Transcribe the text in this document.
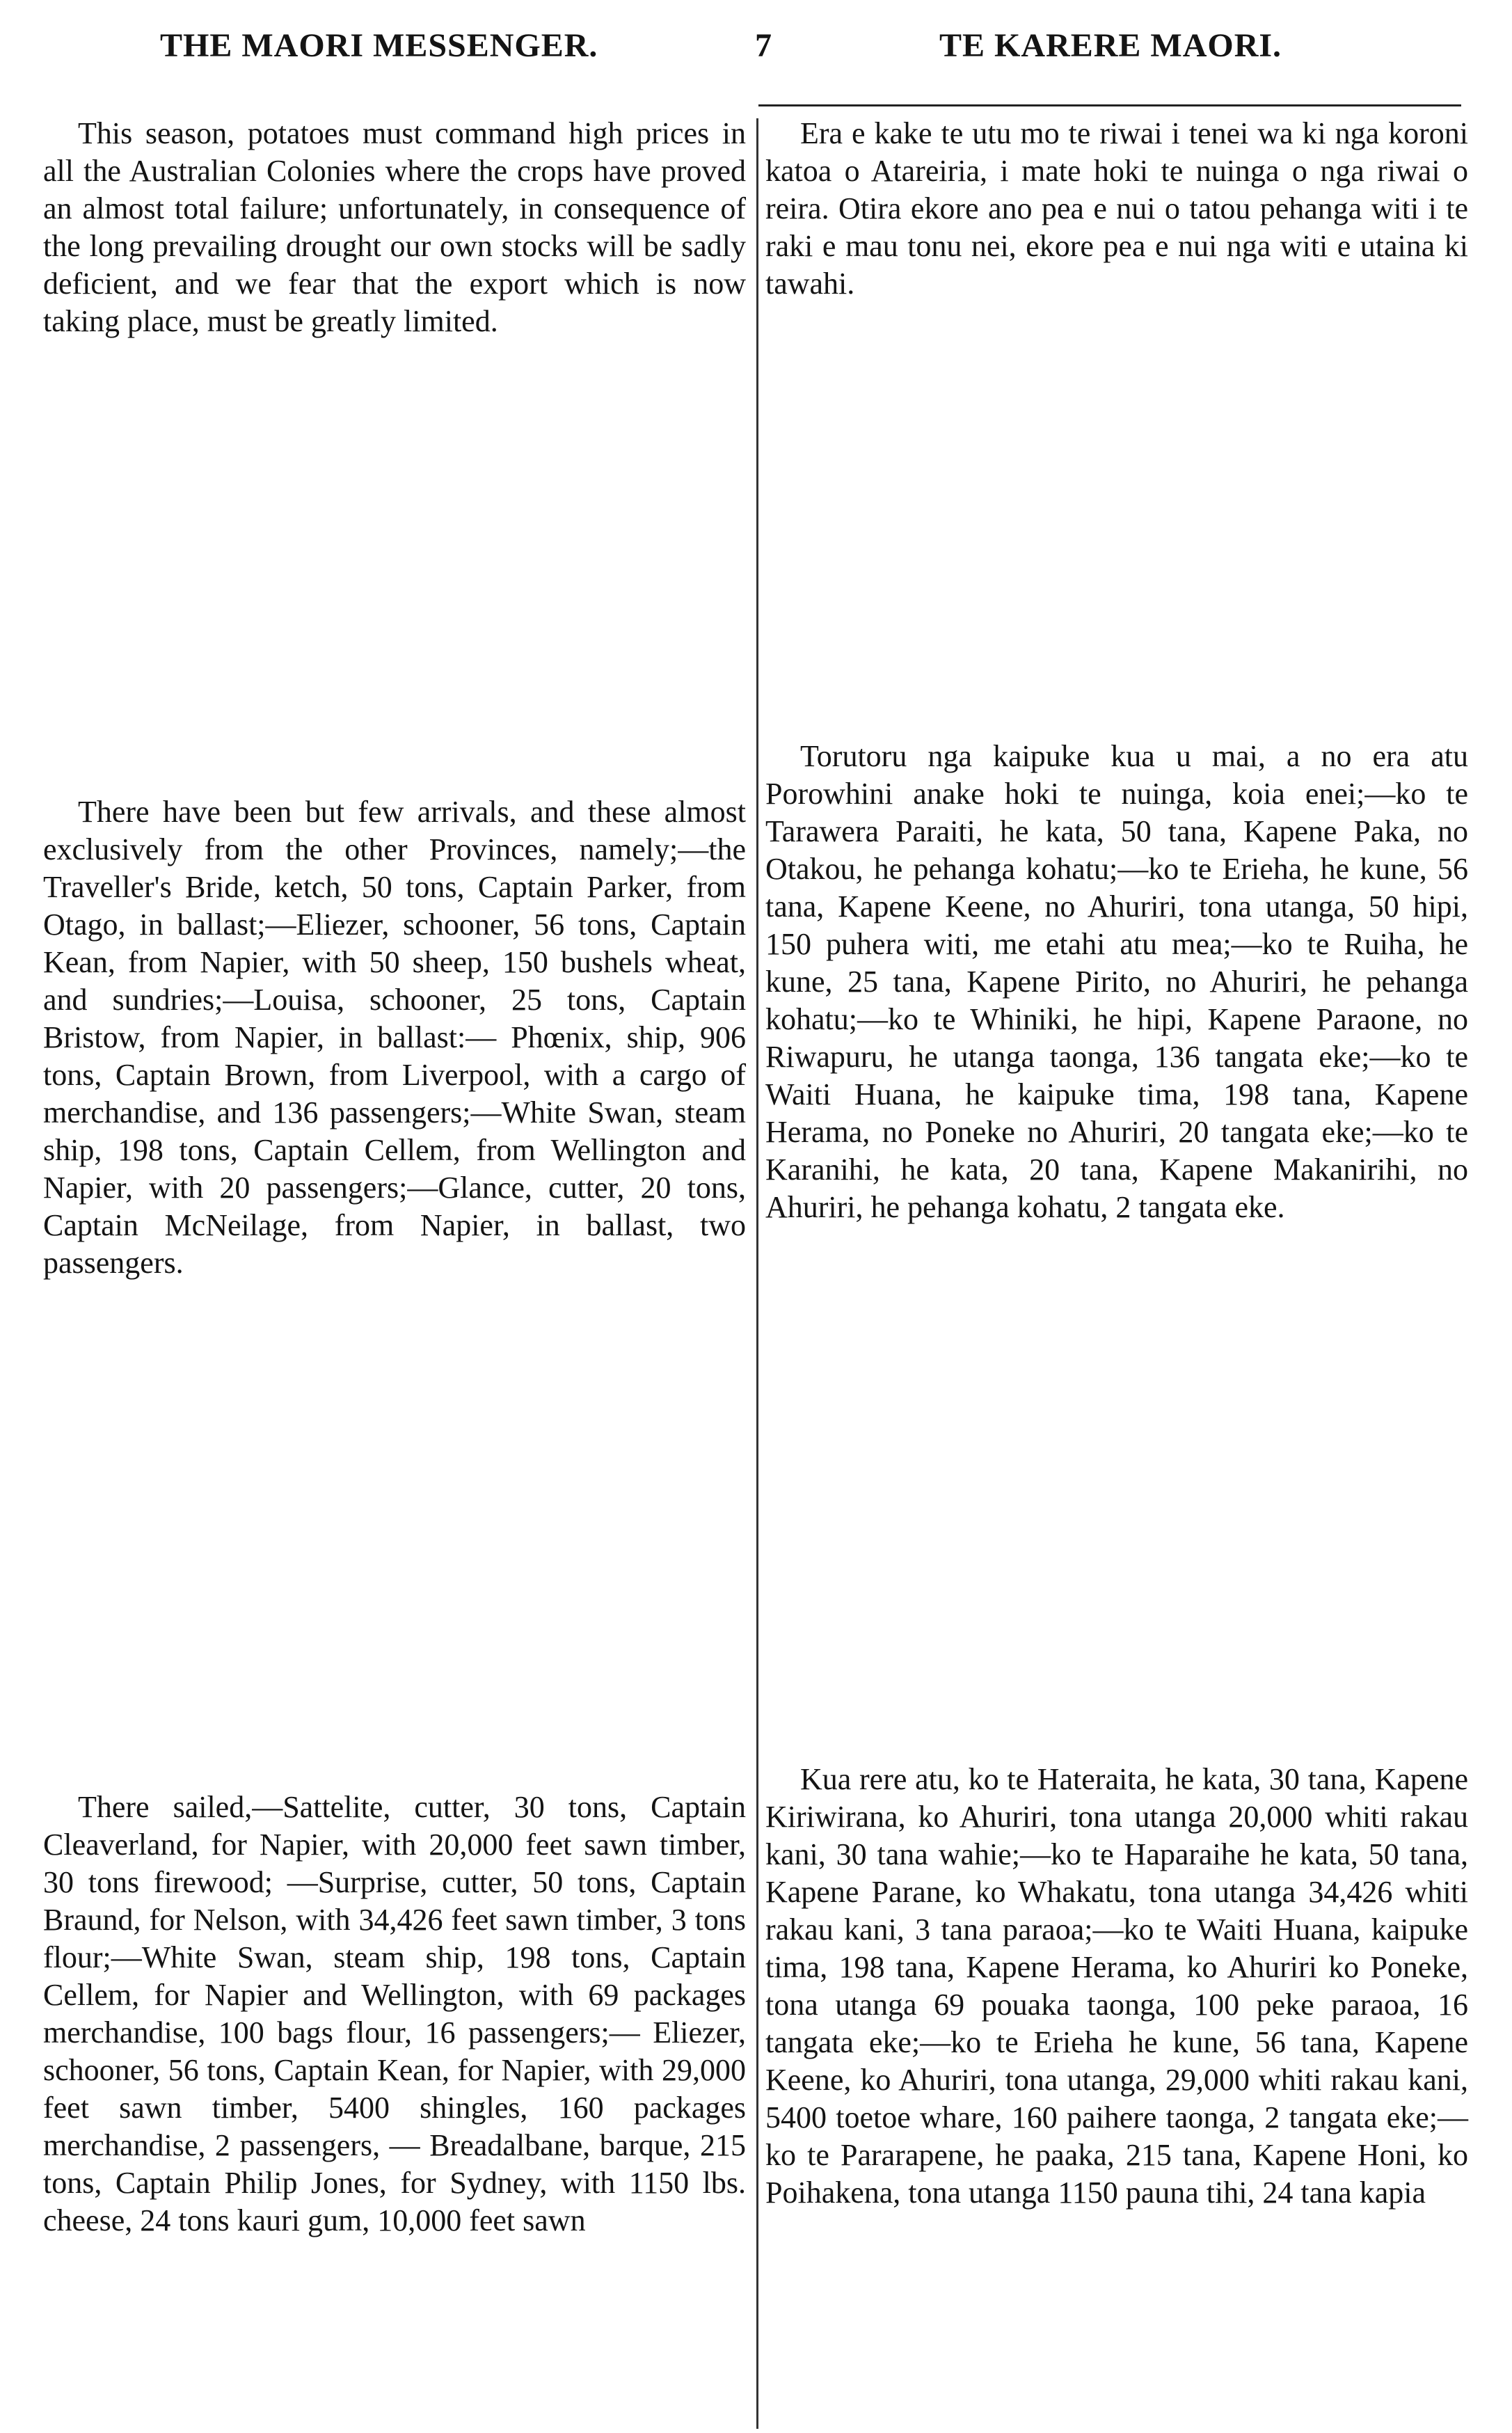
THE MAORI MESSENGER.	7	TE KARERE MAORI.

This season, potatoes must command high prices in all the Australian Colonies where the crops have proved an almost total failure; unfortunately, in consequence of the long prevailing drought our own stocks will be sadly deficient, and we fear that the export which is now taking place, must be greatly limited.

There have been but few arrivals, and these almost exclusively from the other Provinces, namely;—the Traveller's Bride, ketch, 50 tons, Captain Parker, from Otago, in ballast;—Eliezer, schooner, 56 tons, Captain Kean, from Napier, with 50 sheep, 150 bushels wheat, and sundries;—Louisa, schooner, 25 tons, Captain Bristow, from Napier, in ballast:— Phœnix, ship, 906 tons, Captain Brown, from Liverpool, with a cargo of merchandise, and 136 passengers;—White Swan, steam ship, 198 tons, Captain Cellem, from Wellington and Napier, with 20 passengers;—Glance, cutter, 20 tons, Captain McNeilage, from Napier, in ballast, two passengers.

There sailed,—Sattelite, cutter, 30 tons, Captain Cleaverland, for Napier, with 20,000 feet sawn timber, 30 tons firewood; —Surprise, cutter, 50 tons, Captain Braund, for Nelson, with 34,426 feet sawn timber, 3 tons flour;—White Swan, steam ship, 198 tons, Captain Cellem, for Napier and Wellington, with 69 packages merchandise, 100 bags flour, 16 passengers;— Eliezer, schooner, 56 tons, Captain Kean, for Napier, with 29,000 feet sawn timber, 5400 shingles, 160 packages merchandise, 2 passengers, — Breadalbane, barque, 215 tons, Captain Philip Jones, for Sydney, with 1150 lbs. cheese, 24 tons kauri gum, 10,000 feet sawn

Era e kake te utu mo te riwai i tenei wa ki nga koroni katoa o Atareiria, i mate hoki te nuinga o nga riwai o reira. Otira ekore ano pea e nui o tatou pehanga witi i te raki e mau tonu nei, ekore pea e nui nga witi e utaina ki tawahi.

Torutoru nga kaipuke kua u mai, a no era atu Porowhini anake hoki te nuinga, koia enei;—ko te Tarawera Paraiti, he kata, 50 tana, Kapene Paka, no Otakou, he pehanga kohatu;—ko te Erieha, he kune, 56 tana, Kapene Keene, no Ahuriri, tona utanga, 50 hipi, 150 puhera witi, me etahi atu mea;—ko te Ruiha, he kune, 25 tana, Kapene Pirito, no Ahuriri, he pehanga kohatu;—ko te Whiniki, he hipi, Kapene Paraone, no Riwapuru, he utanga taonga, 136 tangata eke;—ko te Waiti Huana, he kaipuke tima, 198 tana, Kapene Herama, no Poneke no Ahuriri, 20 tangata eke;—ko te Karanihi, he kata, 20 tana, Kapene Makanirihi, no Ahuriri, he pehanga kohatu, 2 tangata eke.

Kua rere atu, ko te Hateraita, he kata, 30 tana, Kapene Kiriwirana, ko Ahuriri, tona utanga 20,000 whiti rakau kani, 30 tana wahie;—ko te Haparaihe he kata, 50 tana, Kapene Parane, ko Whakatu, tona utanga 34,426 whiti rakau kani, 3 tana paraoa;—ko te Waiti Huana, kaipuke tima, 198 tana, Kapene Herama, ko Ahuriri ko Poneke, tona utanga 69 pouaka taonga, 100 peke paraoa, 16 tangata eke;—ko te Erieha he kune, 56 tana, Kapene Keene, ko Ahuriri, tona utanga, 29,000 whiti rakau kani, 5400 toetoe whare, 160 paihere taonga, 2 tangata eke;—ko te Pararapene, he paaka, 215 tana, Kapene Honi, ko Poihakena, tona utanga 1150 pauna tihi, 24 tana kapia
